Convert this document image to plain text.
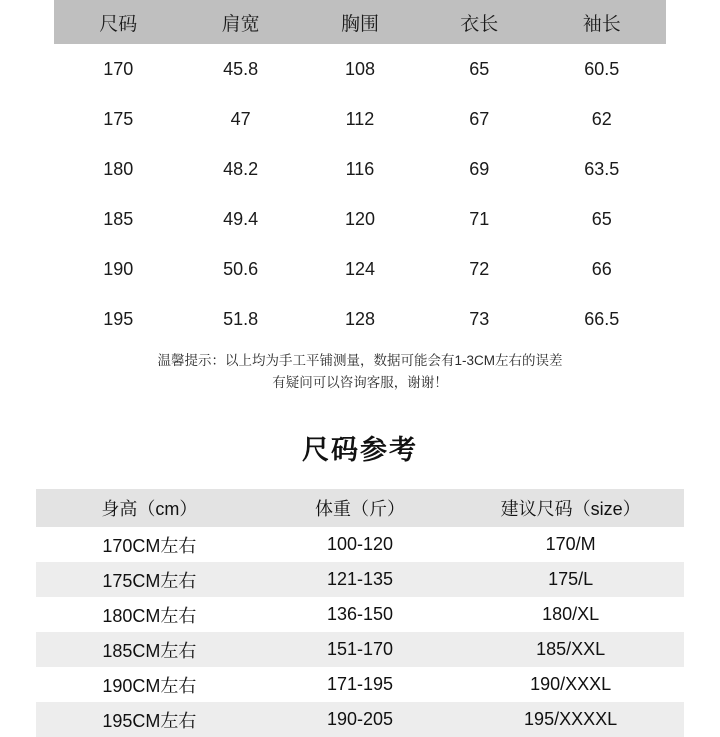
尺码	肩宽	胸围	衣长	袖长
170	45.8	108	65	60.5
175	47	112	67	62
180	48.2	116	69	63.5
185	49.4	120	71	65
190	50.6	124	72	66
195	51.8	128	73	66.5
温馨提示：以上均为手工平铺测量，数据可能会有1-3CM左右的误差
有疑问可以咨询客服，谢谢！
尺码参考
身高（cm）	体重（斤）	建议尺码（size）
170CM左右	100-120	170/M
175CM左右	121-135	175/L
180CM左右	136-150	180/XL
185CM左右	151-170	185/XXL
190CM左右	171-195	190/XXXL
195CM左右	190-205	195/XXXXL
